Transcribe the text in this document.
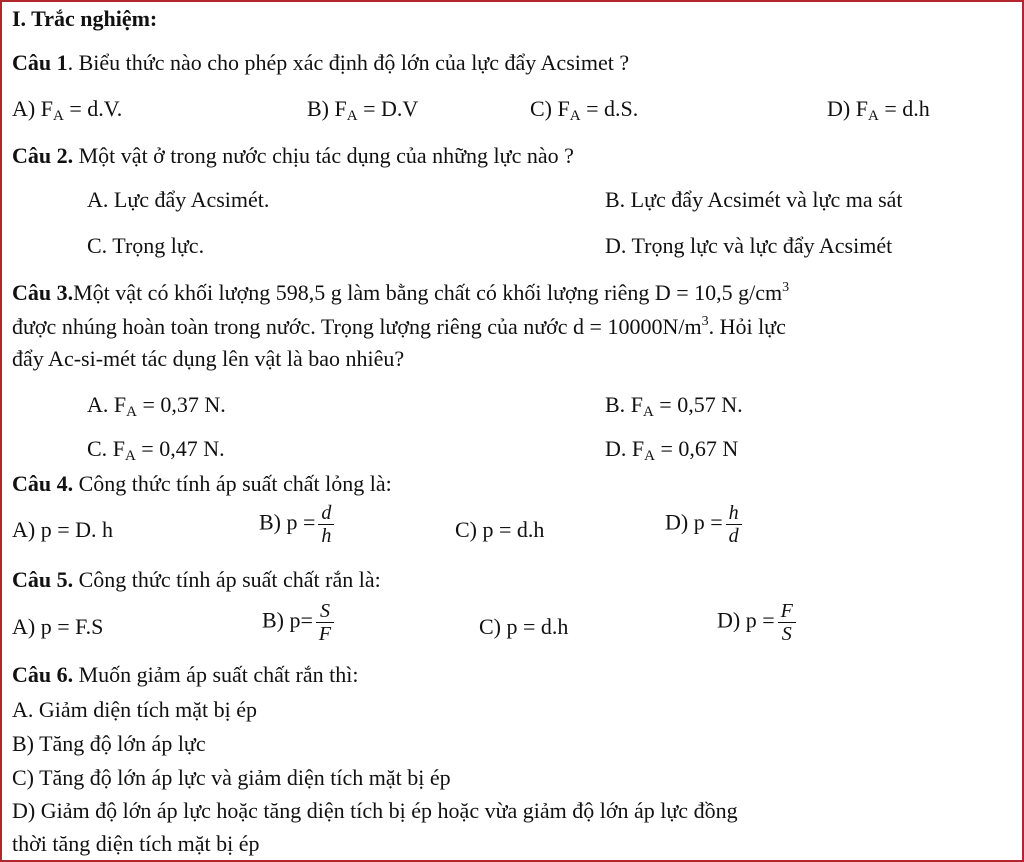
I. Trắc nghiệm:
Câu 1. Biểu thức nào cho phép xác định độ lớn của lực đẩy Acsimet ?
A) $F_A = d.V$.	B) $F_A = D.V$	C) $F_A = d.S$.	D) $F_A = d.h$
Câu 2. Một vật ở trong nước chịu tác dụng của những lực nào ?
A. Lực đẩy Acsimét.	B. Lực đẩy Acsimét và lực ma sát
C. Trọng lực.	D. Trọng lực và lực đẩy Acsimét
Câu 3.Một vật có khối lượng 598,5 g làm bằng chất có khối lượng riêng D = 10,5 $g/cm^3$
được nhúng hoàn toàn trong nước. Trọng lượng riêng của nước $d = 10000N/m^3$. Hỏi lực
đẩy Ac-si-mét tác dụng lên vật là bao nhiêu?
A. $F_A = 0,37$ N.	B. $F_A = 0,57$ N.
C. $F_A = 0,47$ N.	D. $F_A = 0,67$ N
Câu 4. Công thức tính áp suất chất lỏng là:
A) p = D. h	B) $p = \frac{d}{h}$	C) p = d.h	D) $p = \frac{h}{d}$
Câu 5. Công thức tính áp suất chất rắn là:
A) p = F.S	B) $p= \frac{S}{F}$	C) p = d.h	D) $p = \frac{F}{S}$
Câu 6. Muốn giảm áp suất chất rắn thì:
A. Giảm diện tích mặt bị ép
B) Tăng độ lớn áp lực
C) Tăng độ lớn áp lực và giảm diện tích mặt bị ép
D) Giảm độ lớn áp lực hoặc tăng diện tích bị ép hoặc vừa giảm độ lớn áp lực đồng
thời tăng diện tích mặt bị ép
